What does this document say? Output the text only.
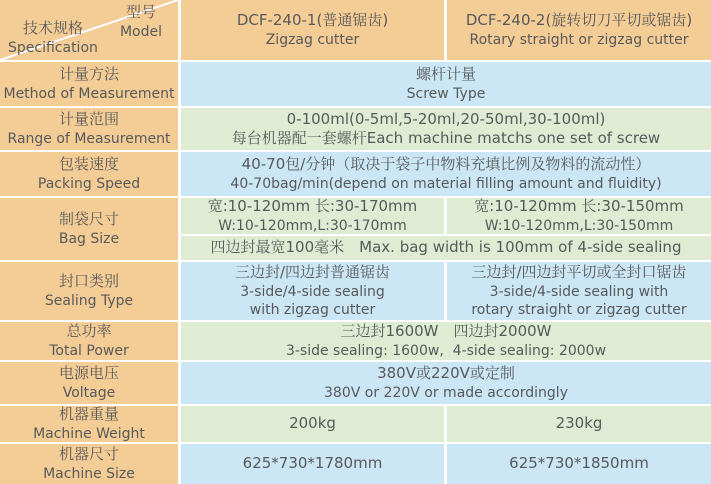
型号
Model
技术规格
Specification
DCF-240-1(普通锯齿)
Zigzag cutter
DCF-240-2(旋转切刀平切或锯齿)
Rotary straight or zigzag cutter
计量方法
Method of Measurement
螺杆计量
Screw Type
计量范围
Range of Measurement
0-100ml(0-5ml,5-20ml,20-50ml,30-100ml)
每台机器配一套螺杆Each machine matchs one set of screw
包装速度
Packing Speed
40-70包/分钟（取决于袋子中物料充填比例及物料的流动性）
40-70bag/min(depend on material filling amount and fluidity)
制袋尺寸
Bag Size
宽:10-120mm 长:30-170mm
W:10-120mm,L:30-170mm
宽:10-120mm 长:30-150mm
W:10-120mm,L:30-150mm
四边封最宽100毫米　Max. bag width is 100mm of 4-side sealing
封口类别
Sealing Type
三边封/四边封普通锯齿
3-side/4-side sealing
with zigzag cutter
三边封/四边封平切或全封口锯齿
3-side/4-side sealing with
rotary straight or zigzag cutter
总功率
Total Power
三边封1600W　四边封2000W
3-side sealing: 1600w,  4-side sealing: 2000w
电源电压
Voltage
380V或220V或定制
380V or 220V or made accordingly
机器重量
Machine Weight
200kg	230kg
机器尺寸
Machine Size
625*730*1780mm	625*730*1850mm
